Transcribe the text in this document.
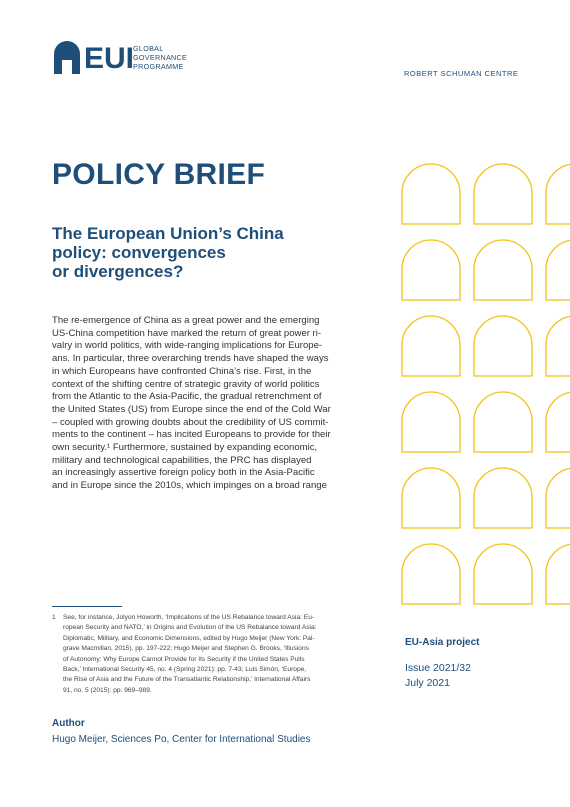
EUI
GLOBAL
GOVERNANCE
PROGRAMME
ROBERT SCHUMAN CENTRE
POLICY BRIEF
The European Union’s China
policy: convergences
or divergences?
The re-emergence of China as a great power and the emerging
US-China competition have marked the return of great power ri-
valry in world politics, with wide-ranging implications for Europe-
ans. In particular, three overarching trends have shaped the ways
in which Europeans have confronted China’s rise. First, in the
context of the shifting centre of strategic gravity of world politics
from the Atlantic to the Asia-Pacific, the gradual retrenchment of
the United States (US) from Europe since the end of the Cold War
– coupled with growing doubts about the credibility of US commit-
ments to the continent – has incited Europeans to provide for their
own security.¹ Furthermore, sustained by expanding economic,
military and technological capabilities, the PRC has displayed
an increasingly assertive foreign policy both in the Asia-Pacific
and in Europe since the 2010s, which impinges on a broad range
1 See, for instance, Jolyon Howorth, ‘Implications of the US Rebalance toward Asia: Eu-
ropean Security and NATO,’ in Origins and Evolution of the US Rebalance toward Asia:
Diplomatic, Military, and Economic Dimensions, edited by Hugo Meijer (New York: Pal-
grave Macmillan, 2015), pp. 197-222; Hugo Meijer and Stephen G. Brooks, ‘Illusions
of Autonomy: Why Europe Cannot Provide for Its Security if the United States Pulls
Back,’ International Security 45, no. 4 (Spring 2021): pp. 7-43; Luis Simón, ‘Europe,
the Rise of Asia and the Future of the Transatlantic Relationship,’ International Affairs
91, no. 5 (2015): pp. 969–989.
Author
Hugo Meijer, Sciences Po, Center for International Studies
EU-Asia project
Issue 2021/32
July 2021
